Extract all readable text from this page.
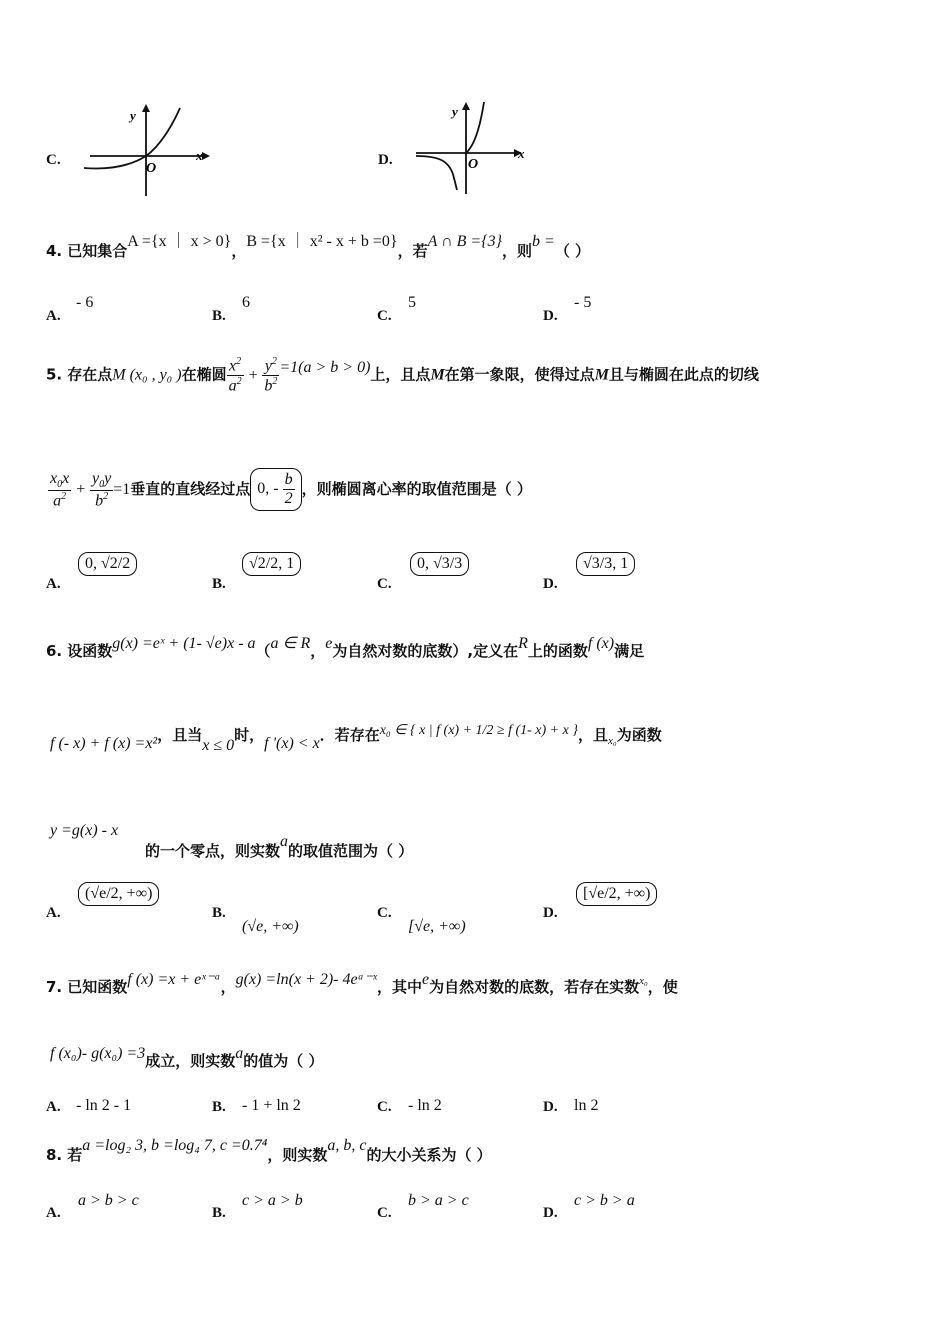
C.
y
x
O
D.
y
x
O
4. 已知集合A ={x ｜ x > 0}，B ={x ｜ x² - x + b =0}，若A ∩ B ={3}，则b =（ ）
A.
- 6
B.
6
C.
5
D.
- 5
5. 存在点M (x₀ , y₀ )在椭圆 $\frac{x^2}{a^2} + \frac{y^2}{b^2} =1(a > b > 0)$上，且点M在第一象限，使得过点M且与椭圆在此点的切线
$\frac{x_0x}{a^2} + \frac{y_0y}{b^2} =1$垂直的直线经过点 0, - $\frac{b}{2}$ ，则椭圆离心率的取值范围是（ ）
A.
0, √2/2
B.
√2/2, 1
C.
0, √3/3
D.
√3/3, 1
6. 设函数g(x) =eˣ + (1- √e)x - a（a ∈ R，e为自然对数的底数）,定义在R上的函数f (x)满足
f (- x) + f (x) =x²，且当x ≤ 0时，f '(x) < x．若存在x₀ ∈ { x | f (x) + 1/2 ≥ f (1- x) + x }，且$_{x_0}$为函数
y =g(x) - x
的一个零点，则实数a的取值范围为（ ）
A.
(√e/2, +∞)
B.
(√e, +∞)
C.
[√e, +∞)
D.
[√e/2, +∞)
7. 已知函数f (x) =x + eˣ⁻ᵃ，g(x) =ln(x + 2)- 4eᵃ⁻ˣ，其中e为自然对数的底数，若存在实数$^{x_0}$，使
f (x₀)- g(x₀) =3成立，则实数a的值为（ ）
A. - ln 2 - 1	B. - 1 + ln 2	C. - ln 2	D. ln 2
8. 若a =log₂ 3, b =log₄ 7, c =0.7⁴，则实数a, b, c的大小关系为（ ）
A.
a > b > c
B.
c > a > b
C.
b > a > c
D.
c > b > a
